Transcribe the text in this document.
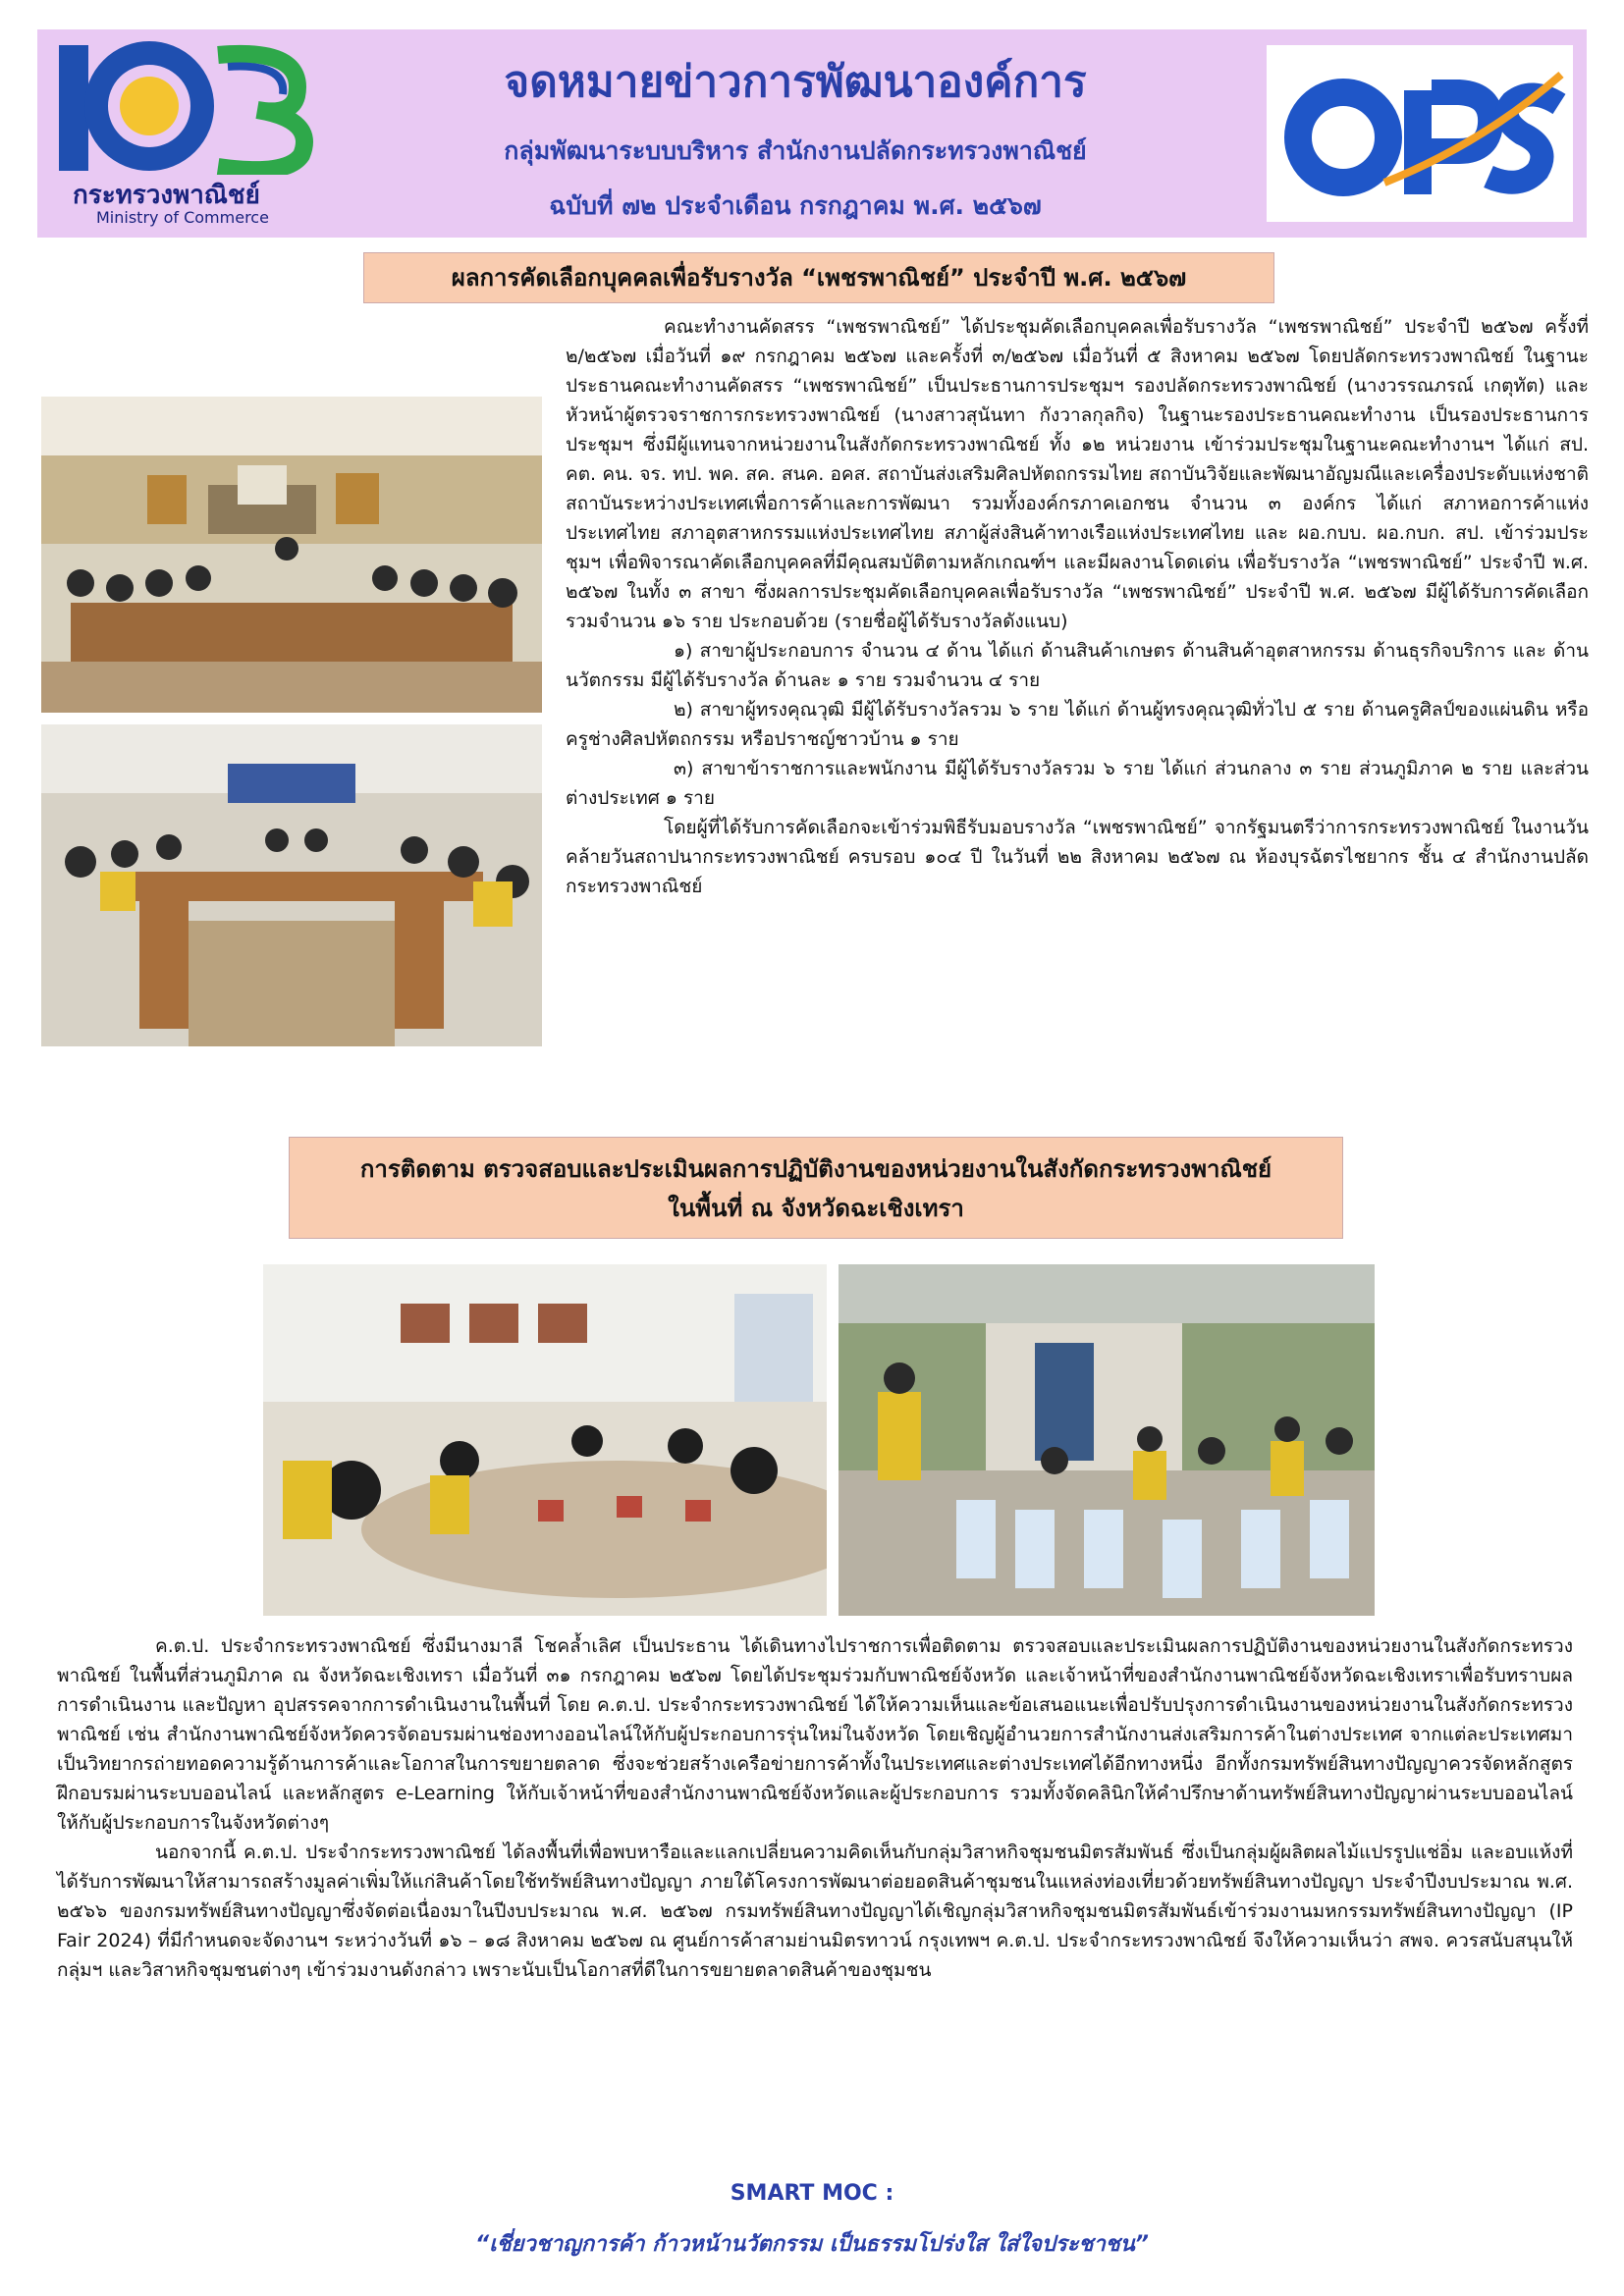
กระทรวงพาณิชย์
Ministry of Commerce
จดหมายข่าวการพัฒนาองค์การ
กลุ่มพัฒนาระบบบริหาร สำนักงานปลัดกระทรวงพาณิชย์
ฉบับที่ ๗๒ ประจำเดือน กรกฎาคม พ.ศ. ๒๕๖๗
ผลการคัดเลือกบุคคลเพื่อรับรางวัล “เพชรพาณิชย์” ประจำปี พ.ศ. ๒๕๖๗

คณะทำงานคัดสรร “เพชรพาณิชย์” ได้ประชุมคัดเลือกบุคคลเพื่อรับรางวัล “เพชรพาณิชย์” ประจำปี ๒๕๖๗ ครั้งที่ ๒/๒๕๖๗ เมื่อวันที่ ๑๙ กรกฎาคม ๒๕๖๗ และครั้งที่ ๓/๒๕๖๗ เมื่อวันที่ ๕ สิงหาคม ๒๕๖๗ โดยปลัดกระทรวงพาณิชย์ ในฐานะประธานคณะทำงานคัดสรร “เพชรพาณิชย์” เป็นประธานการประชุมฯ รองปลัดกระทรวงพาณิชย์ (นางวรรณภรณ์ เกตุทัต) และหัวหน้าผู้ตรวจราชการกระทรวงพาณิชย์ (นางสาวสุนันทา กังวาลกุลกิจ) ในฐานะรองประธานคณะทำงาน เป็นรองประธานการประชุมฯ ซึ่งมีผู้แทนจากหน่วยงานในสังกัดกระทรวงพาณิชย์ ทั้ง ๑๒ หน่วยงาน เข้าร่วมประชุมในฐานะคณะทำงานฯ ได้แก่ สป. คต. คน. จร. ทป. พค. สค. สนค. อคส. สถาบันส่งเสริมศิลปหัตถกรรมไทย สถาบันวิจัยและพัฒนาอัญมณีและเครื่องประดับแห่งชาติ สถาบันระหว่างประเทศเพื่อการค้าและการพัฒนา รวมทั้งองค์กรภาคเอกชน จำนวน ๓ องค์กร ได้แก่ สภาหอการค้าแห่งประเทศไทย สภาอุตสาหกรรมแห่งประเทศไทย สภาผู้ส่งสินค้าทางเรือแห่งประเทศไทย และ ผอ.กบบ. ผอ.กบก. สป. เข้าร่วมประชุมฯ เพื่อพิจารณาคัดเลือกบุคคลที่มีคุณสมบัติตามหลักเกณฑ์ฯ และมีผลงานโดดเด่น เพื่อรับรางวัล “เพชรพาณิชย์” ประจำปี พ.ศ. ๒๕๖๗ ในทั้ง ๓ สาขา ซึ่งผลการประชุมคัดเลือกบุคคลเพื่อรับรางวัล “เพชรพาณิชย์” ประจำปี พ.ศ. ๒๕๖๗ มีผู้ได้รับการคัดเลือก รวมจำนวน ๑๖ ราย ประกอบด้วย (รายชื่อผู้ได้รับรางวัลดังแนบ)

๑) สาขาผู้ประกอบการ จำนวน ๔ ด้าน ได้แก่ ด้านสินค้าเกษตร ด้านสินค้าอุตสาหกรรม ด้านธุรกิจบริการ และ ด้านนวัตกรรม มีผู้ได้รับรางวัล ด้านละ ๑ ราย รวมจำนวน ๔ ราย

๒) สาขาผู้ทรงคุณวุฒิ มีผู้ได้รับรางวัลรวม ๖ ราย ได้แก่ ด้านผู้ทรงคุณวุฒิทั่วไป ๕ ราย ด้านครูศิลป์ของแผ่นดิน หรือครูช่างศิลปหัตถกรรม หรือปราชญ์ชาวบ้าน ๑ ราย

๓) สาขาข้าราชการและพนักงาน มีผู้ได้รับรางวัลรวม ๖ ราย ได้แก่ ส่วนกลาง ๓ ราย ส่วนภูมิภาค ๒ ราย และส่วนต่างประเทศ ๑ ราย

โดยผู้ที่ได้รับการคัดเลือกจะเข้าร่วมพิธีรับมอบรางวัล “เพชรพาณิชย์” จากรัฐมนตรีว่าการกระทรวงพาณิชย์ ในงานวันคล้ายวันสถาปนากระทรวงพาณิชย์ ครบรอบ ๑๐๔ ปี ในวันที่ ๒๒ สิงหาคม ๒๕๖๗ ณ ห้องบุรฉัตรไชยากร ชั้น ๔ สำนักงานปลัดกระทรวงพาณิชย์

การติดตาม ตรวจสอบและประเมินผลการปฏิบัติงานของหน่วยงานในสังกัดกระทรวงพาณิชย์
ในพื้นที่ ณ จังหวัดฉะเชิงเทรา

ค.ต.ป. ประจำกระทรวงพาณิชย์ ซึ่งมีนางมาลี โชคล้ำเลิศ เป็นประธาน ได้เดินทางไปราชการเพื่อติดตาม ตรวจสอบและประเมินผลการปฏิบัติงานของหน่วยงานในสังกัดกระทรวงพาณิชย์ ในพื้นที่ส่วนภูมิภาค ณ จังหวัดฉะเชิงเทรา เมื่อวันที่ ๓๑ กรกฎาคม ๒๕๖๗ โดยได้ประชุมร่วมกับพาณิชย์จังหวัด และเจ้าหน้าที่ของสำนักงานพาณิชย์จังหวัดฉะเชิงเทราเพื่อรับทราบผลการดำเนินงาน และปัญหา อุปสรรคจากการดำเนินงานในพื้นที่ โดย ค.ต.ป. ประจำกระทรวงพาณิชย์ ได้ให้ความเห็นและข้อเสนอแนะเพื่อปรับปรุงการดำเนินงานของหน่วยงานในสังกัดกระทรวงพาณิชย์ เช่น สำนักงานพาณิชย์จังหวัดควรจัดอบรมผ่านช่องทางออนไลน์ให้กับผู้ประกอบการรุ่นใหม่ในจังหวัด โดยเชิญผู้อำนวยการสำนักงานส่งเสริมการค้าในต่างประเทศ จากแต่ละประเทศมาเป็นวิทยากรถ่ายทอดความรู้ด้านการค้าและโอกาสในการขยายตลาด ซึ่งจะช่วยสร้างเครือข่ายการค้าทั้งในประเทศและต่างประเทศได้อีกทางหนึ่ง อีกทั้งกรมทรัพย์สินทางปัญญาควรจัดหลักสูตรฝึกอบรมผ่านระบบออนไลน์ และหลักสูตร e-Learning ให้กับเจ้าหน้าที่ของสำนักงานพาณิชย์จังหวัดและผู้ประกอบการ รวมทั้งจัดคลินิกให้คำปรึกษาด้านทรัพย์สินทางปัญญาผ่านระบบออนไลน์ให้กับผู้ประกอบการในจังหวัดต่างๆ

นอกจากนี้ ค.ต.ป. ประจำกระทรวงพาณิชย์ ได้ลงพื้นที่เพื่อพบหารือและแลกเปลี่ยนความคิดเห็นกับกลุ่มวิสาหกิจชุมชนมิตรสัมพันธ์ ซึ่งเป็นกลุ่มผู้ผลิตผลไม้แปรรูปแช่อิ่ม และอบแห้งที่ได้รับการพัฒนาให้สามารถสร้างมูลค่าเพิ่มให้แก่สินค้าโดยใช้ทรัพย์สินทางปัญญา ภายใต้โครงการพัฒนาต่อยอดสินค้าชุมชนในแหล่งท่องเที่ยวด้วยทรัพย์สินทางปัญญา ประจำปีงบประมาณ พ.ศ. ๒๕๖๖ ของกรมทรัพย์สินทางปัญญาซึ่งจัดต่อเนื่องมาในปีงบประมาณ พ.ศ. ๒๕๖๗ กรมทรัพย์สินทางปัญญาได้เชิญกลุ่มวิสาหกิจชุมชนมิตรสัมพันธ์เข้าร่วมงานมหกรรมทรัพย์สินทางปัญญา (IP Fair 2024) ที่มีกำหนดจะจัดงานฯ ระหว่างวันที่ ๑๖ – ๑๘ สิงหาคม ๒๕๖๗ ณ ศูนย์การค้าสามย่านมิตรทาวน์ กรุงเทพฯ ค.ต.ป. ประจำกระทรวงพาณิชย์ จึงให้ความเห็นว่า สพจ. ควรสนับสนุนให้กลุ่มฯ และวิสาหกิจชุมชนต่างๆ เข้าร่วมงานดังกล่าว เพราะนับเป็นโอกาสที่ดีในการขยายตลาดสินค้าของชุมชน

SMART MOC :
“เชี่ยวชาญการค้า ก้าวหน้านวัตกรรม เป็นธรรมโปร่งใส ใส่ใจประชาชน”
